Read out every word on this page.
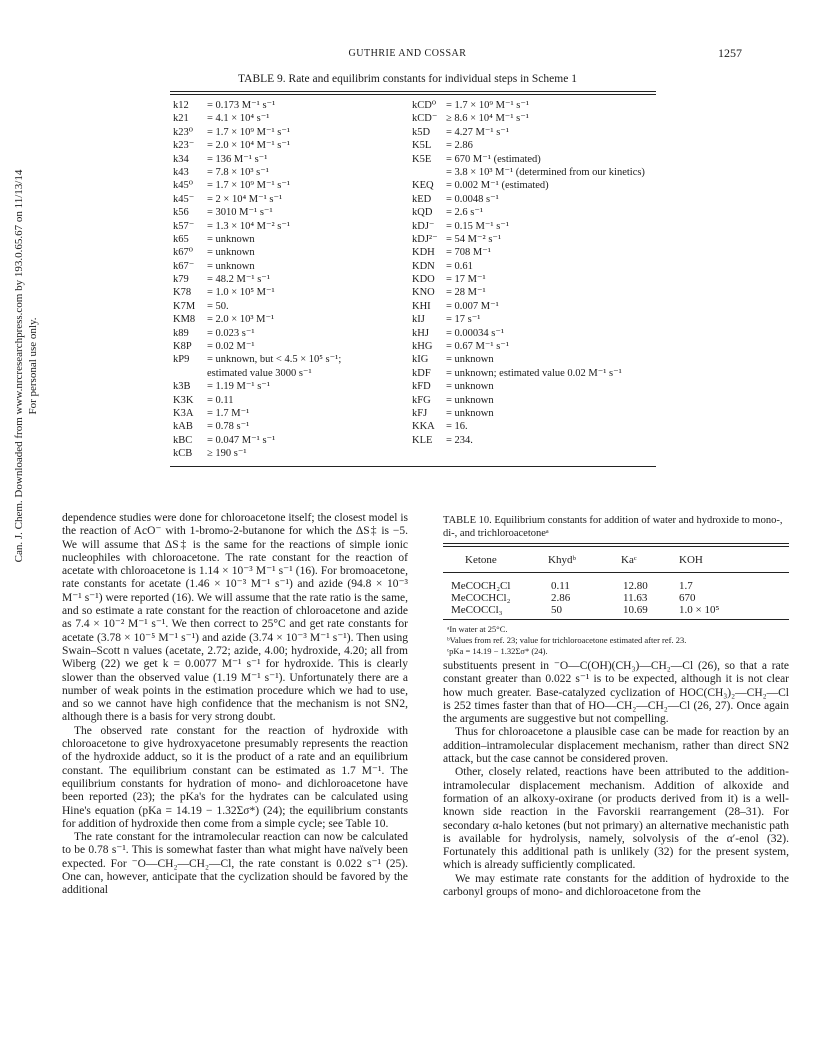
GUTHRIE AND COSSAR	1257
Can. J. Chem. Downloaded from www.nrcresearchpress.com by 193.0.65.67 on 11/13/14 For personal use only.
TABLE 9. Rate and equilibrim constants for individual steps in Scheme 1
k12	= 0.173 M⁻¹ s⁻¹
k21	= 4.1 × 10⁴ s⁻¹
k23⁰	= 1.7 × 10⁹ M⁻¹ s⁻¹
k23⁻	= 2.0 × 10⁴ M⁻¹ s⁻¹
k34	= 136 M⁻¹ s⁻¹
k43	= 7.8 × 10³ s⁻¹
k45⁰	= 1.7 × 10⁹ M⁻¹ s⁻¹
k45⁻	= 2 × 10⁴ M⁻¹ s⁻¹
k56	= 3010 M⁻¹ s⁻¹
k57⁻	= 1.3 × 10⁴ M⁻² s⁻¹
k65	= unknown
k67⁰	= unknown
k67⁻	= unknown
k79	= 48.2 M⁻¹ s⁻¹
K78	= 1.0 × 10⁵ M⁻¹
K7M	= 50.
KM8	= 2.0 × 10³ M⁻¹
k89	= 0.023 s⁻¹
K8P	= 0.02 M⁻¹
kP9	= unknown, but < 4.5 × 10⁵ s⁻¹;
estimated value 3000 s⁻¹
k3B	= 1.19 M⁻¹ s⁻¹
K3K	= 0.11
K3A	= 1.7 M⁻¹
kAB	= 0.78 s⁻¹
kBC	= 0.047 M⁻¹ s⁻¹
kCB	≥ 190 s⁻¹
kCD⁰ = 1.7 × 10⁹ M⁻¹ s⁻¹
kCD⁻ ≥ 8.6 × 10⁴ M⁻¹ s⁻¹
k5D	= 4.27 M⁻¹ s⁻¹
K5L	= 2.86
K5E	= 670 M⁻¹ (estimated)
= 3.8 × 10³ M⁻¹ (determined from our kinetics)
KEQ	= 0.002 M⁻¹ (estimated)
kED	= 0.0048 s⁻¹
kQD	= 2.6 s⁻¹
kDJ⁻	= 0.15 M⁻¹ s⁻¹
kDJ²⁻ = 54 M⁻² s⁻¹
KDH	= 708 M⁻¹
KDN	= 0.61
KDO	= 17 M⁻¹
KNO	= 28 M⁻¹
KHI	= 0.007 M⁻¹
kIJ	= 17 s⁻¹
kHJ	= 0.00034 s⁻¹
kHG	= 0.67 M⁻¹ s⁻¹
kIG	= unknown
kDF	= unknown; estimated value 0.02 M⁻¹ s⁻¹
kFD	= unknown
kFG	= unknown
kFJ	= unknown
KKA	= 16.
KLE	= 234.

dependence studies were done for chloroacetone itself; the closest model is the reaction of AcO⁻ with 1-bromo-2-butanone for which the ΔS‡ is −5. We will assume that ΔS‡ is the same for the reactions of simple ionic nucleophiles with chloroacetone. The rate constant for the reaction of acetate with chloroacetone is 1.14 × 10⁻³ M⁻¹ s⁻¹ (16). For bromoacetone, rate constants for acetate (1.46 × 10⁻³ M⁻¹ s⁻¹) and azide (94.8 × 10⁻³ M⁻¹ s⁻¹) were reported (16). We will assume that the rate ratio is the same, and so estimate a rate constant for the reaction of chloroacetone and azide as 7.4 × 10⁻² M⁻¹ s⁻¹. We then correct to 25°C and get rate constants for acetate (3.78 × 10⁻⁵ M⁻¹ s⁻¹) and azide (3.74 × 10⁻³ M⁻¹ s⁻¹). Then using Swain–Scott n values (acetate, 2.72; azide, 4.00; hydroxide, 4.20; all from Wiberg (22) we get k = 0.0077 M⁻¹ s⁻¹ for hydroxide. This is clearly slower than the observed value (1.19 M⁻¹ s⁻¹). Unfortunately there are a number of weak points in the estimation procedure which we had to use, and so we cannot have high confidence that the mechanism is not SN2, although there is a basis for very strong doubt.

The observed rate constant for the reaction of hydroxide with chloroacetone to give hydroxyacetone presumably represents the reaction of the hydroxide adduct, so it is the product of a rate and an equilibrium constant. The equilibrium constant can be estimated as 1.7 M⁻¹. The equilibrium constants for hydration of mono- and dichloroacetone have been reported (23); the pKa's for the hydrates can be calculated using Hine's equation (pKa = 14.19 − 1.32Σσ*) (24); the equilibrium constants for addition of hydroxide then come from a simple cycle; see Table 10.

The rate constant for the intramolecular reaction can now be calculated to be 0.78 s⁻¹. This is somewhat faster than what might have naïvely been expected. For ⁻O—CH₂—CH₂—Cl, the rate constant is 0.022 s⁻¹ (25). One can, however, anticipate that the cyclization should be favored by the additional

TABLE 10. Equilibrium constants for addition of water and hydroxide to mono-, di-, and trichloroacetoneᵃ
Ketone	Khydᵇ	Kaᶜ	KOH
MeCOCH₂Cl	0.11	12.80	1.7
MeCOCHCl₂	2.86	11.63	670
MeCOCCl₃	50	10.69	1.0 × 10⁵
ᵃIn water at 25°C.
ᵇValues from ref. 23; value for trichloroacetone estimated after ref. 23.
ᶜpKa = 14.19 − 1.32Σσ* (24).

substituents present in ⁻O—C(OH)(CH₃)—CH₂—Cl (26), so that a rate constant greater than 0.022 s⁻¹ is to be expected, although it is not clear how much greater. Base-catalyzed cyclization of HOC(CH₃)₂—CH₂—Cl is 252 times faster than that of HO—CH₂—CH₂—Cl (26, 27). Once again the arguments are suggestive but not compelling.

Thus for chloroacetone a plausible case can be made for reaction by an addition–intramolecular displacement mechanism, rather than direct SN2 attack, but the case cannot be considered proven.

Other, closely related, reactions have been attributed to the addition-intramolecular displacement mechanism. Addition of alkoxide and formation of an alkoxy-oxirane (or products derived from it) is a well-known side reaction in the Favorskii rearrangement (28–31). For secondary α-halo ketones (but not primary) an alternative mechanistic path is available for hydrolysis, namely, solvolysis of the α′-enol (32). Fortunately this additional path is unlikely (32) for the present system, which is already sufficiently complicated.

We may estimate rate constants for the addition of hydroxide to the carbonyl groups of mono- and dichloroacetone from the
